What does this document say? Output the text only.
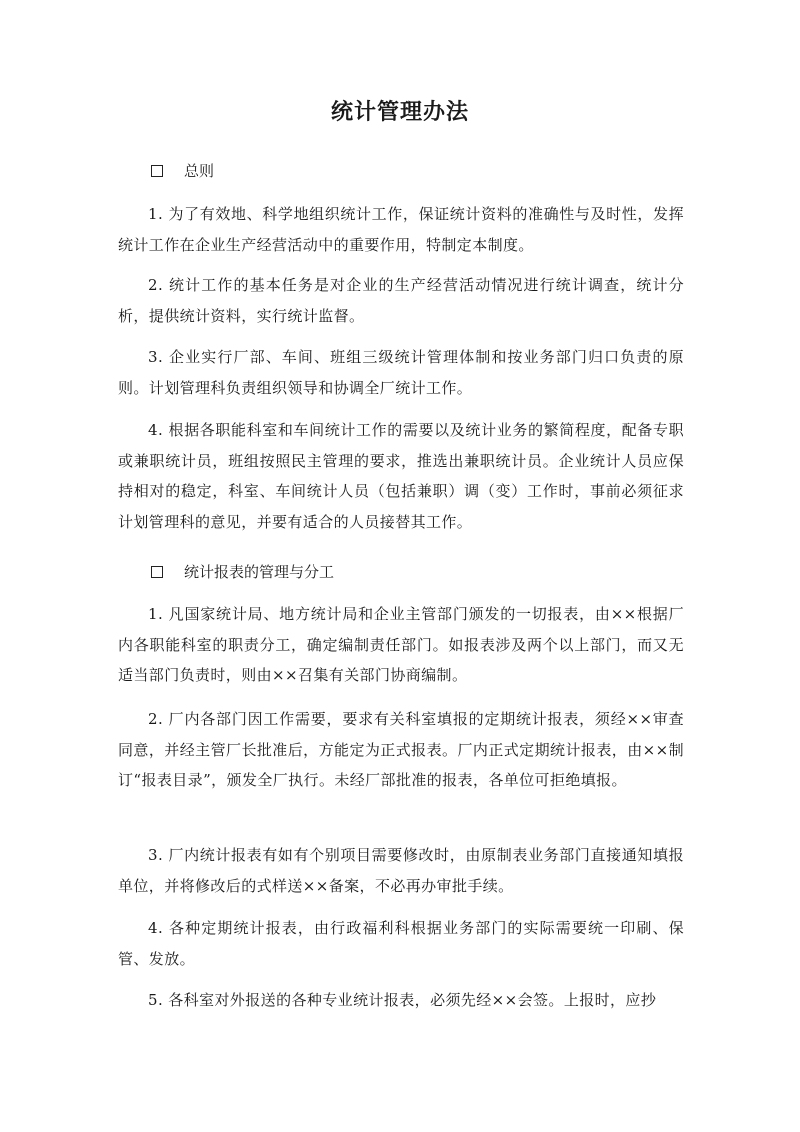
统计管理办法
总则

1. 为了有效地、科学地组织统计工作，保证统计资料的准确性与及时性，发挥统计工作在企业生产经营活动中的重要作用，特制定本制度。

2. 统计工作的基本任务是对企业的生产经营活动情况进行统计调查，统计分析，提供统计资料，实行统计监督。

3. 企业实行厂部、车间、班组三级统计管理体制和按业务部门归口负责的原则。计划管理科负责组织领导和协调全厂统计工作。

4. 根据各职能科室和车间统计工作的需要以及统计业务的繁简程度，配备专职或兼职统计员，班组按照民主管理的要求，推选出兼职统计员。企业统计人员应保持相对的稳定，科室、车间统计人员（包括兼职）调（变）工作时，事前必须征求计划管理科的意见，并要有适合的人员接替其工作。

统计报表的管理与分工

1. 凡国家统计局、地方统计局和企业主管部门颁发的一切报表，由××根据厂内各职能科室的职责分工，确定编制责任部门。如报表涉及两个以上部门，而又无适当部门负责时，则由××召集有关部门协商编制。

2. 厂内各部门因工作需要，要求有关科室填报的定期统计报表，须经××审查同意，并经主管厂长批准后，方能定为正式报表。厂内正式定期统计报表，由××制订“报表目录”，颁发全厂执行。未经厂部批准的报表，各单位可拒绝填报。

3. 厂内统计报表有如有个别项目需要修改时，由原制表业务部门直接通知填报单位，并将修改后的式样送××备案，不必再办审批手续。

4. 各种定期统计报表，由行政福利科根据业务部门的实际需要统一印刷、保管、发放。

5. 各科室对外报送的各种专业统计报表，必须先经××会签。上报时，应抄
